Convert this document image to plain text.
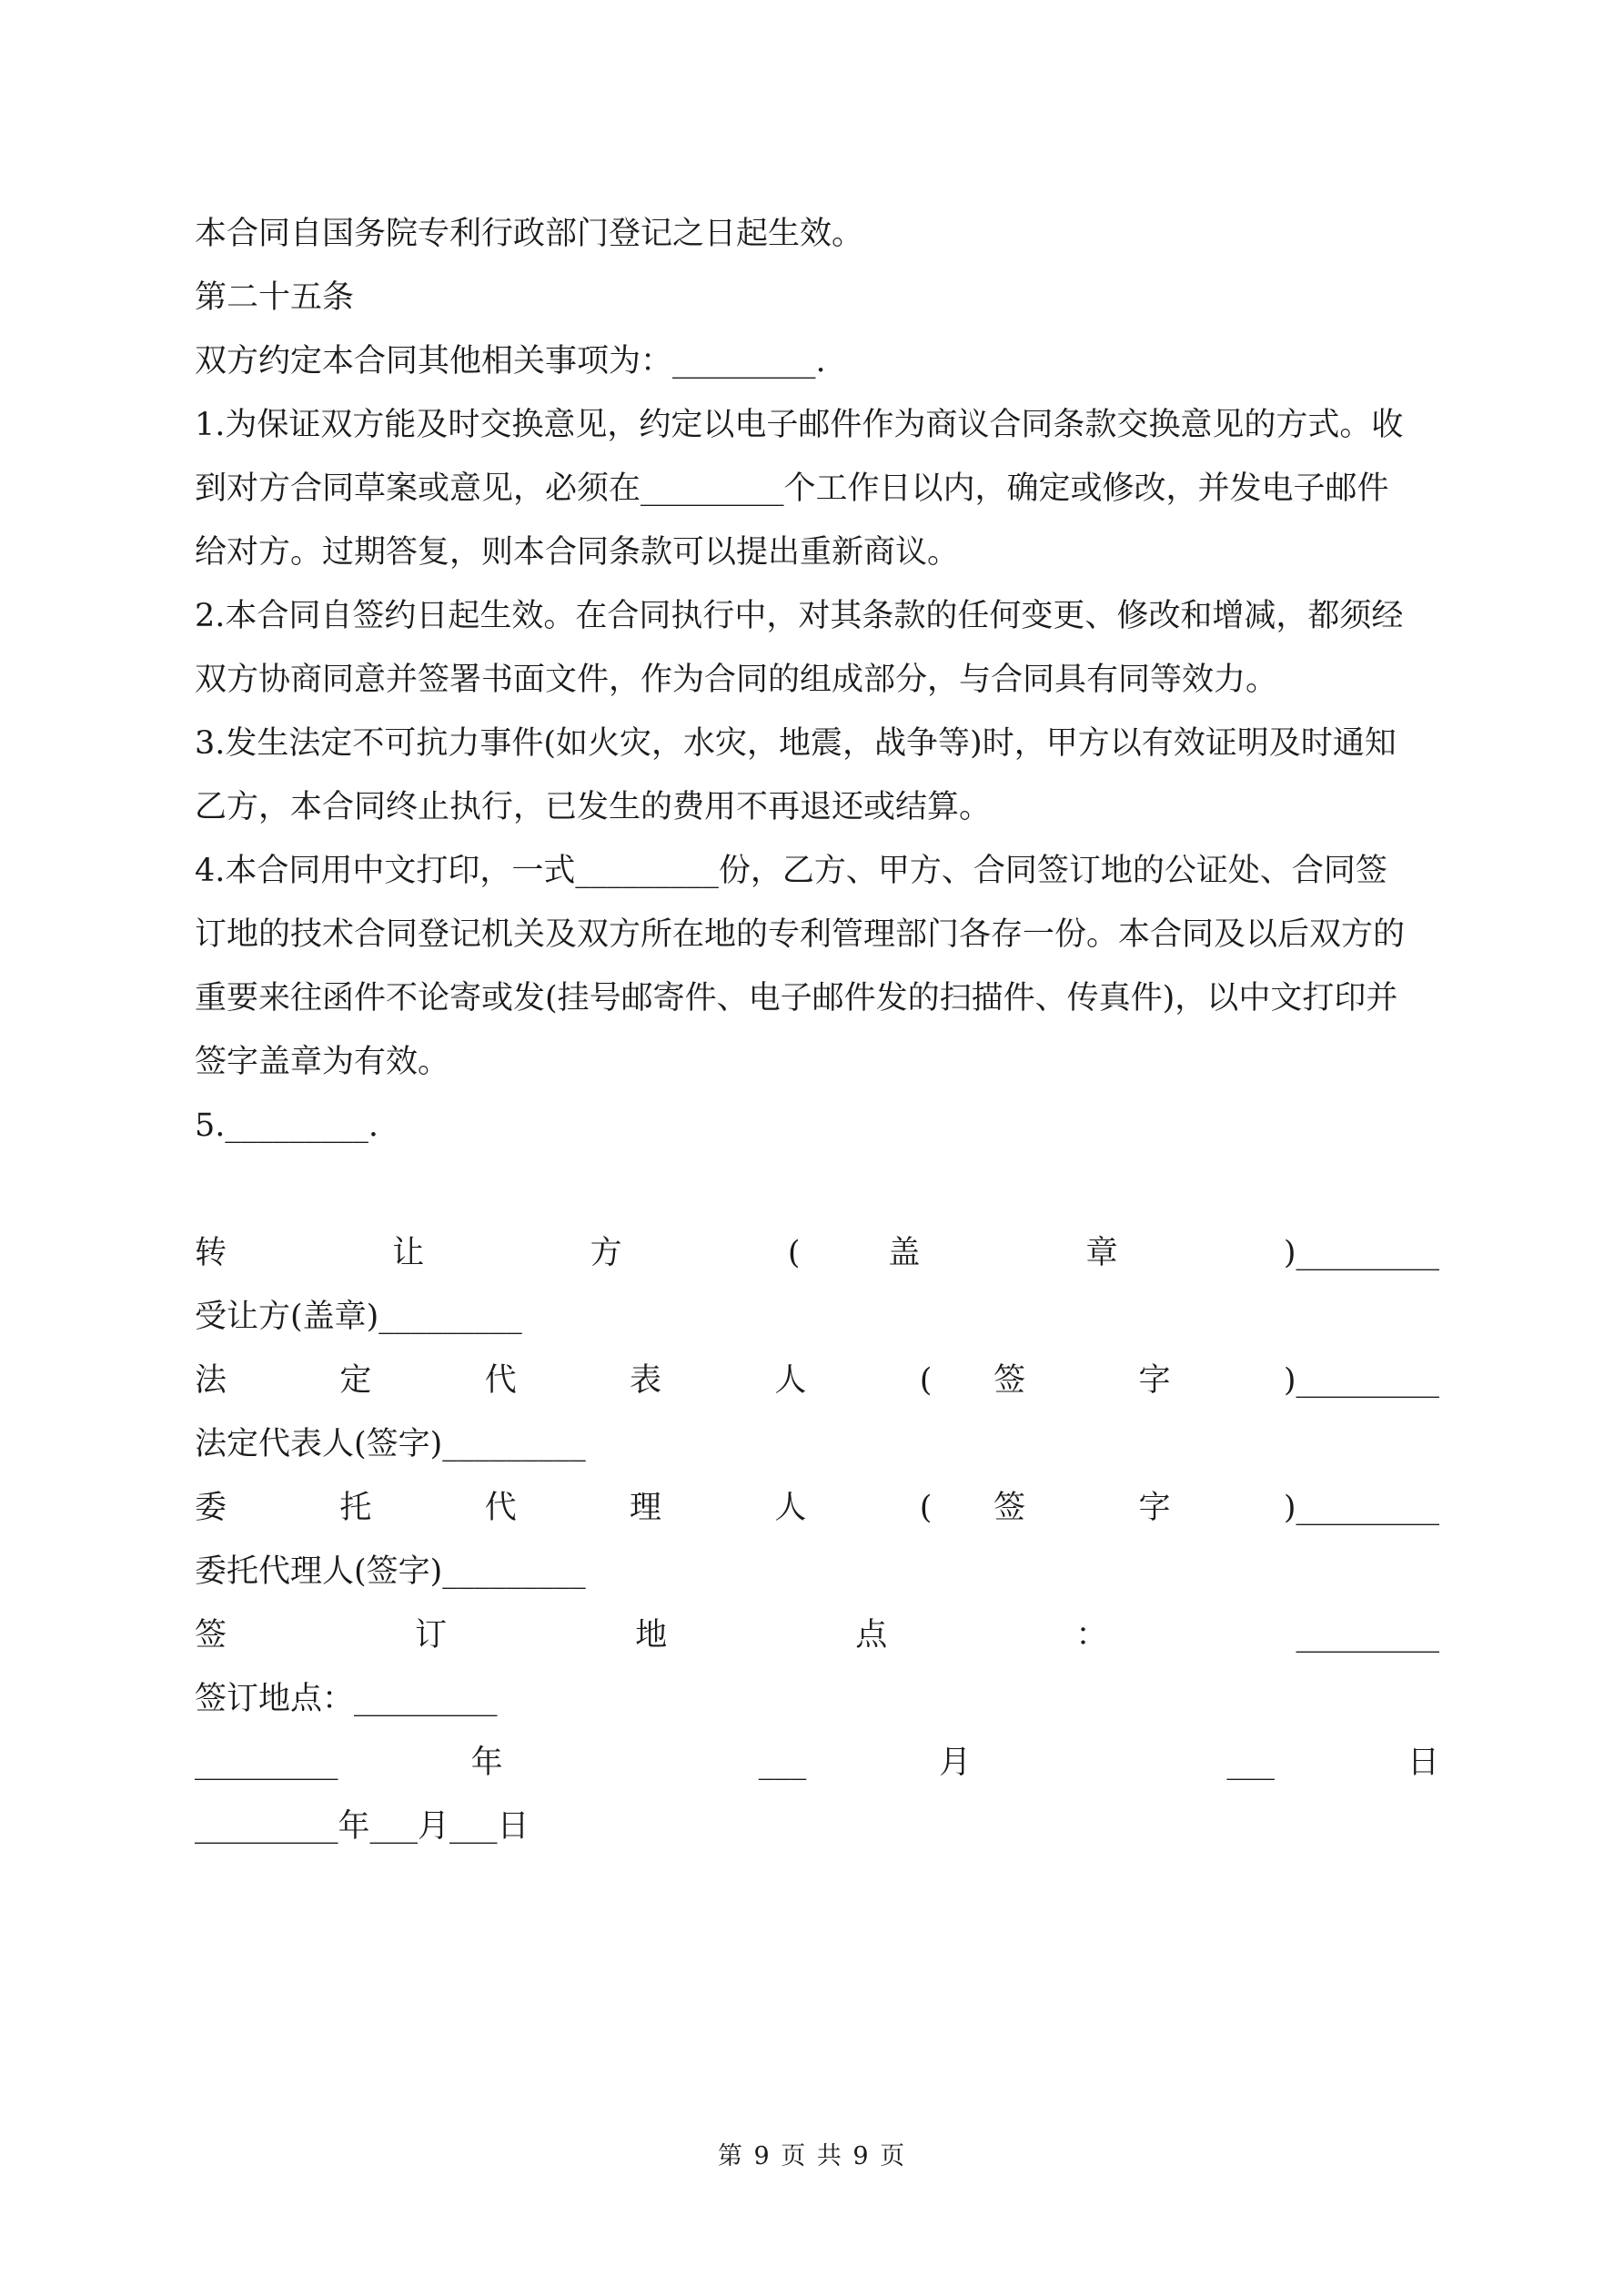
本合同自国务院专利行政部门登记之日起生效。
第二十五条
双方约定本合同其他相关事项为：_________.
1.为保证双方能及时交换意见，约定以电子邮件作为商议合同条款交换意见的方式。收
到对方合同草案或意见，必须在_________个工作日以内，确定或修改，并发电子邮件
给对方。过期答复，则本合同条款可以提出重新商议。
2.本合同自签约日起生效。在合同执行中，对其条款的任何变更、修改和增减，都须经
双方协商同意并签署书面文件，作为合同的组成部分，与合同具有同等效力。
3.发生法定不可抗力事件(如火灾，水灾，地震，战争等)时，甲方以有效证明及时通知
乙方，本合同终止执行，已发生的费用不再退还或结算。
4.本合同用中文打印，一式_________份，乙方、甲方、合同签订地的公证处、合同签
订地的技术合同登记机关及双方所在地的专利管理部门各存一份。本合同及以后双方的
重要来往函件不论寄或发(挂号邮寄件、电子邮件发的扫描件、传真件)，以中文打印并
签字盖章为有效。
5._________.
转 让 方 ( 盖 章 )_________
受让方(盖章)_________
法 定 代 表 人 ( 签 字 )_________
法定代表人(签字)_________
委 托 代 理 人 ( 签 字 )_________
委托代理人(签字)_________
签 订 地 点 ： _________
签订地点：_________
_________ 年 ___ 月 ___ 日
_________年___月___日
第 9 页 共 9 页
